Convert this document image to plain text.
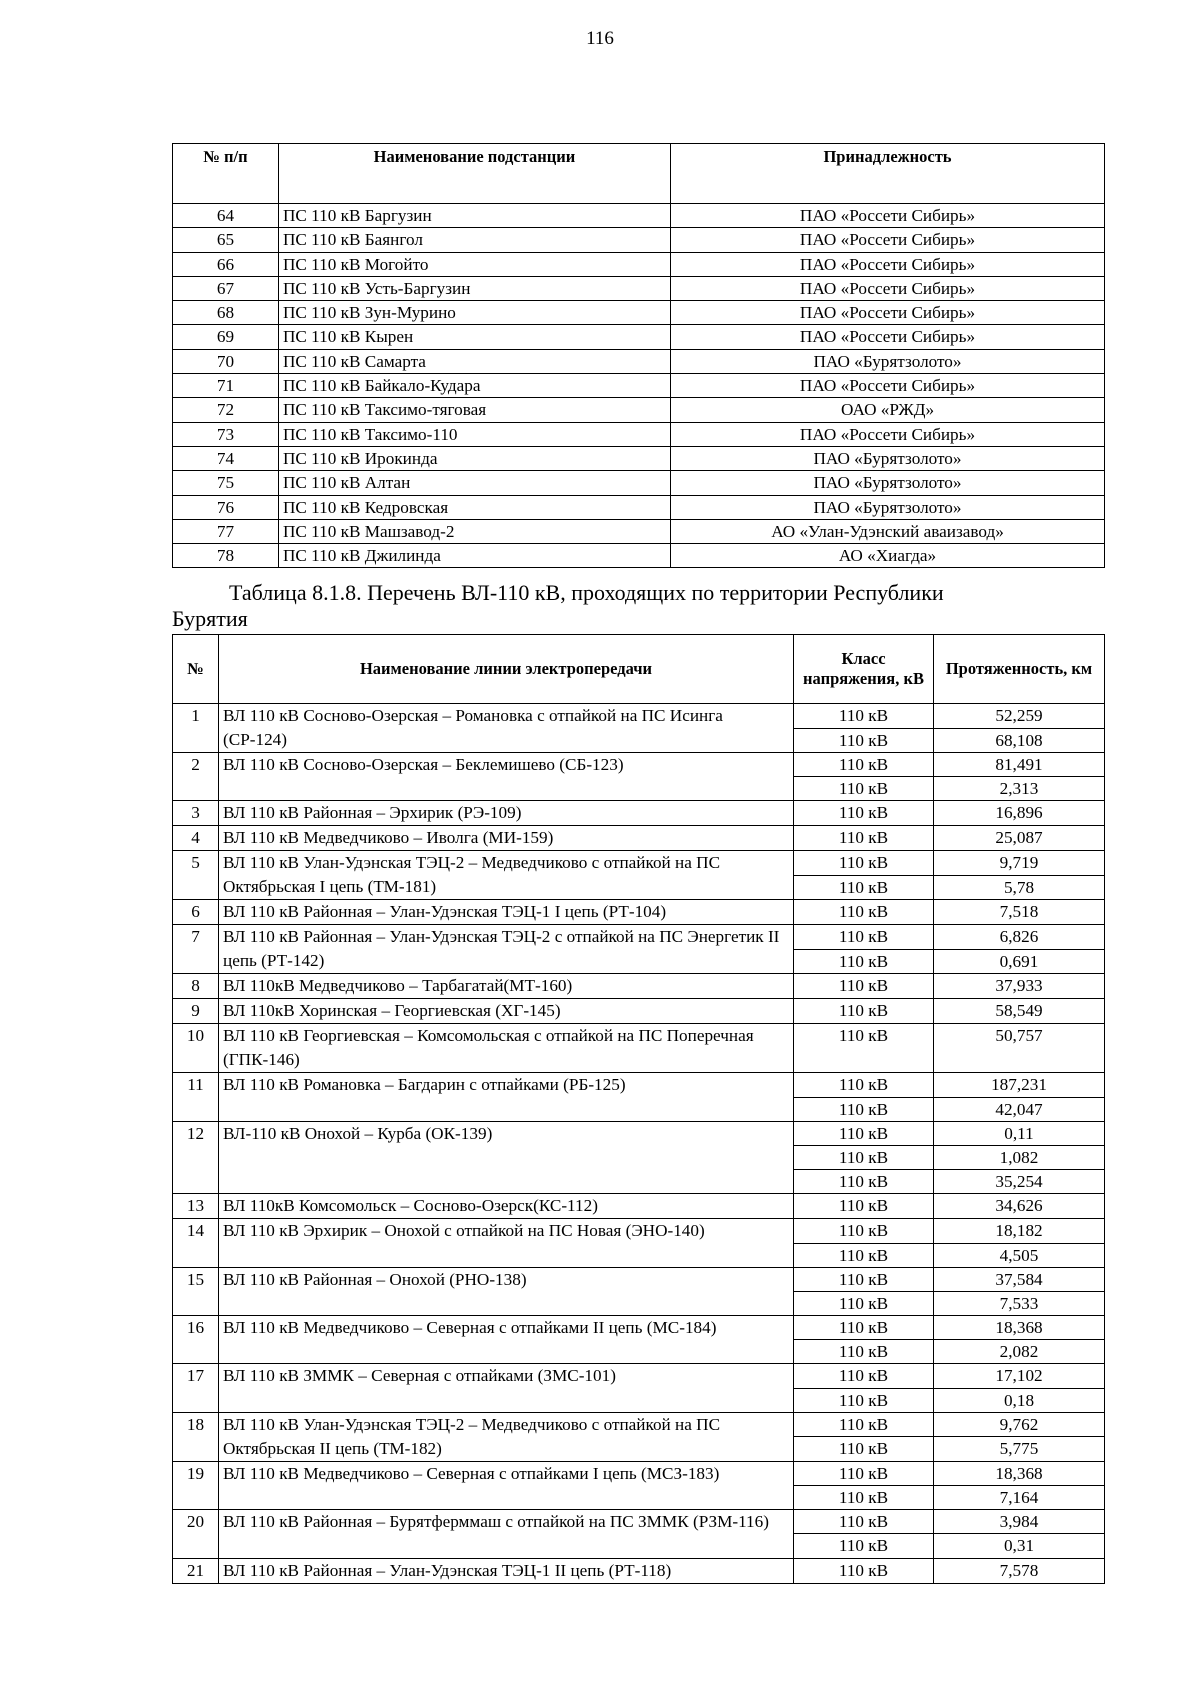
116
№ п/п	Наименование подстанции	Принадлежность
64	ПС 110 кВ Баргузин	ПАО «Россети Сибирь»
65	ПС 110 кВ Баянгол	ПАО «Россети Сибирь»
66	ПС 110 кВ Могойто	ПАО «Россети Сибирь»
67	ПС 110 кВ Усть-Баргузин	ПАО «Россети Сибирь»
68	ПС 110 кВ Зун-Мурино	ПАО «Россети Сибирь»
69	ПС 110 кВ Кырен	ПАО «Россети Сибирь»
70	ПС 110 кВ Самарта	ПАО «Бурятзолото»
71	ПС 110 кВ Байкало-Кудара	ПАО «Россети Сибирь»
72	ПС 110 кВ Таксимо-тяговая	ОАО «РЖД»
73	ПС 110 кВ Таксимо-110	ПАО «Россети Сибирь»
74	ПС 110 кВ Ирокинда	ПАО «Бурятзолото»
75	ПС 110 кВ Алтан	ПАО «Бурятзолото»
76	ПС 110 кВ Кедровская	ПАО «Бурятзолото»
77	ПС 110 кВ Машзавод-2	АО «Улан-Удэнский аваизавод»
78	ПС 110 кВ Джилинда	АО «Хиагда»
Таблица 8.1.8. Перечень ВЛ-110 кВ, проходящих по территории Республики
Бурятия
№	Наименование линии электропередачи	Класс напряжения, кВ	Протяженность, км
1	ВЛ 110 кВ Сосново-Озерская – Романовка с отпайкой на ПС Исинга (СР-124)	110 кВ	52,259
		110 кВ	68,108
2	ВЛ 110 кВ Сосново-Озерская – Беклемишево (СБ-123)	110 кВ	81,491
		110 кВ	2,313
3	ВЛ 110 кВ Районная – Эрхирик (РЭ-109)	110 кВ	16,896
4	ВЛ 110 кВ Медведчиково – Иволга (МИ-159)	110 кВ	25,087
5	ВЛ 110 кВ Улан-Удэнская ТЭЦ-2 – Медведчиково с отпайкой на ПС Октябрьская I цепь (ТМ-181)	110 кВ	9,719
		110 кВ	5,78
6	ВЛ 110 кВ Районная – Улан-Удэнская ТЭЦ-1 I цепь (РТ-104)	110 кВ	7,518
7	ВЛ 110 кВ Районная – Улан-Удэнская ТЭЦ-2 с отпайкой на ПС Энергетик II цепь (РТ-142)	110 кВ	6,826
		110 кВ	0,691
8	ВЛ 110кВ Медведчиково – Тарбагатай(МТ-160)	110 кВ	37,933
9	ВЛ 110кВ Хоринская – Георгиевская (ХГ-145)	110 кВ	58,549
10	ВЛ 110 кВ Георгиевская – Комсомольская с отпайкой на ПС Поперечная (ГПК-146)	110 кВ	50,757
11	ВЛ 110 кВ Романовка – Багдарин с отпайками (РБ-125)	110 кВ	187,231
		110 кВ	42,047
12	ВЛ-110 кВ Онохой – Курба (ОК-139)	110 кВ	0,11
		110 кВ	1,082
		110 кВ	35,254
13	ВЛ 110кВ Комсомольск – Сосново-Озерск(КС-112)	110 кВ	34,626
14	ВЛ 110 кВ Эрхирик – Онохой с отпайкой на ПС Новая (ЭНО-140)	110 кВ	18,182
		110 кВ	4,505
15	ВЛ 110 кВ Районная – Онохой (РНО-138)	110 кВ	37,584
		110 кВ	7,533
16	ВЛ 110 кВ Медведчиково – Северная с отпайками II цепь (МС-184)	110 кВ	18,368
		110 кВ	2,082
17	ВЛ 110 кВ ЗММК – Северная с отпайками (ЗМС-101)	110 кВ	17,102
		110 кВ	0,18
18	ВЛ 110 кВ Улан-Удэнская ТЭЦ-2 – Медведчиково с отпайкой на ПС Октябрьская II цепь (ТМ-182)	110 кВ	9,762
		110 кВ	5,775
19	ВЛ 110 кВ Медведчиково – Северная с отпайками I цепь (МСЗ-183)	110 кВ	18,368
		110 кВ	7,164
20	ВЛ 110 кВ Районная – Бурятферммаш с отпайкой на ПС ЗММК (РЗМ-116)	110 кВ	3,984
		110 кВ	0,31
21	ВЛ 110 кВ Районная – Улан-Удэнская ТЭЦ-1 II цепь (РТ-118)	110 кВ	7,578
